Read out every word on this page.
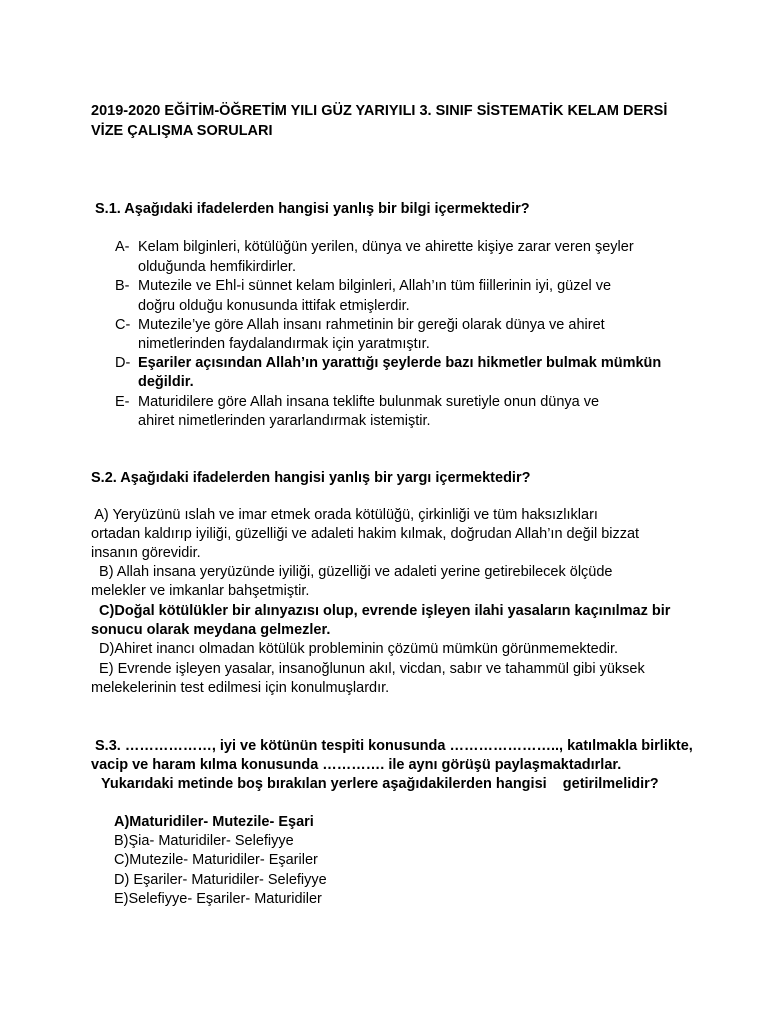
2019-2020 EĞİTİM-ÖĞRETİM YILI GÜZ YARIYILI 3. SINIF SİSTEMATİK KELAM DERSİ
VİZE ÇALIŞMA SORULARI
S.1. Aşağıdaki ifadelerden hangisi yanlış bir bilgi içermektedir?
A- Kelam bilginleri, kötülüğün yerilen, dünya ve ahirette kişiye zarar veren şeyler
olduğunda hemfikirdirler.
B- Mutezile ve Ehl-i sünnet kelam bilginleri, Allah’ın tüm fiillerinin iyi, güzel ve
doğru olduğu konusunda ittifak etmişlerdir.
C- Mutezile’ye göre Allah insanı rahmetinin bir gereği olarak dünya ve ahiret
nimetlerinden faydalandırmak için yaratmıştır.
D- Eşariler açısından Allah’ın yarattığı şeylerde bazı hikmetler bulmak mümkün
değildir.
E- Maturidilere göre Allah insana teklifte bulunmak suretiyle onun dünya ve
ahiret nimetlerinden yararlandırmak istemiştir.
S.2. Aşağıdaki ifadelerden hangisi yanlış bir yargı içermektedir?
A) Yeryüzünü ıslah ve imar etmek orada kötülüğü, çirkinliği ve tüm haksızlıkları
ortadan kaldırıp iyiliği, güzelliği ve adaleti hakim kılmak, doğrudan Allah’ın değil bizzat
insanın görevidir.
B) Allah insana yeryüzünde iyiliği, güzelliği ve adaleti yerine getirebilecek ölçüde
melekler ve imkanlar bahşetmiştir.
C)Doğal kötülükler bir alınyazısı olup, evrende işleyen ilahi yasaların kaçınılmaz bir
sonucu olarak meydana gelmezler.
D)Ahiret inancı olmadan kötülük probleminin çözümü mümkün görünmemektedir.
E) Evrende işleyen yasalar, insanoğlunun akıl, vicdan, sabır ve tahammül gibi yüksek
melekelerinin test edilmesi için konulmuşlardır.
S.3. ………………, iyi ve kötünün tespiti konusunda ………………….., katılmakla birlikte,
vacip ve haram kılma konusunda …………. ile aynı görüşü paylaşmaktadırlar.
Yukarıdaki metinde boş bırakılan yerlere aşağıdakilerden hangisi    getirilmelidir?
A)Maturidiler- Mutezile- Eşari
B)Şia- Maturidiler- Selefiyye
C)Mutezile- Maturidiler- Eşariler
D) Eşariler- Maturidiler- Selefiyye
E)Selefiyye- Eşariler- Maturidiler
